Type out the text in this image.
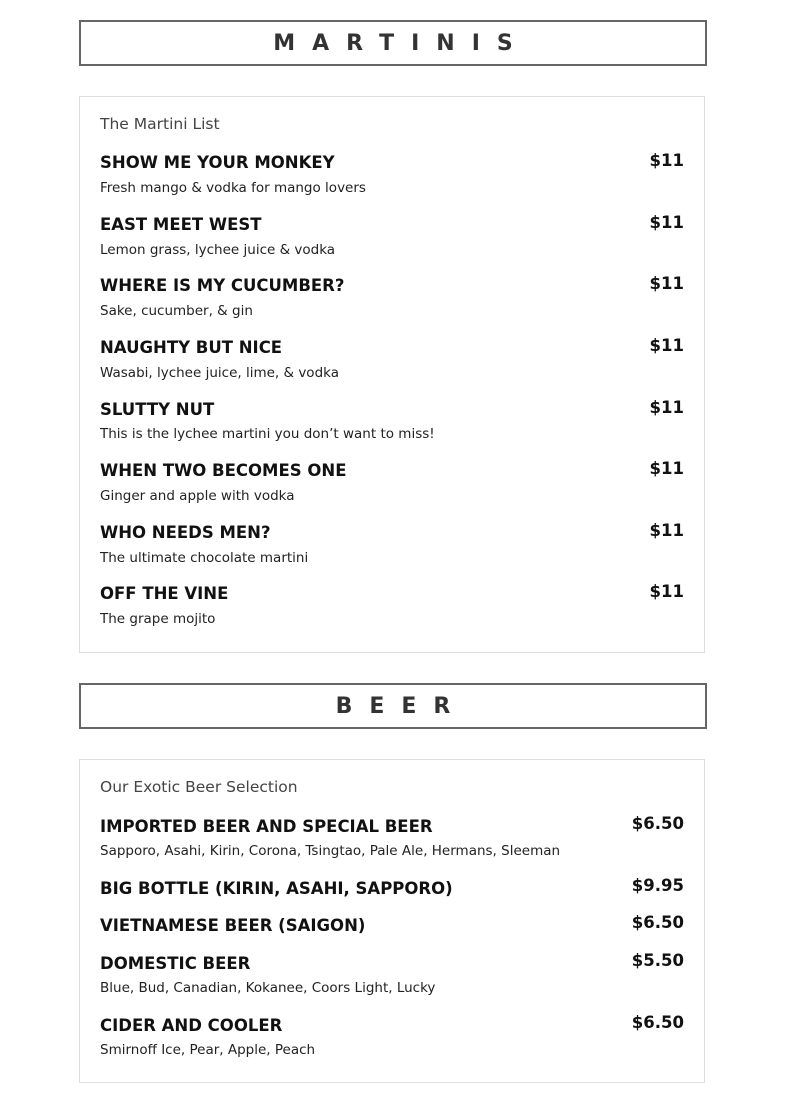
MARTINIS
The Martini List
SHOW ME YOUR MONKEY	$11
Fresh mango & vodka for mango lovers
EAST MEET WEST	$11
Lemon grass, lychee juice & vodka
WHERE IS MY CUCUMBER?	$11
Sake, cucumber, & gin
NAUGHTY BUT NICE	$11
Wasabi, lychee juice, lime, & vodka
SLUTTY NUT	$11
This is the lychee martini you don’t want to miss!
WHEN TWO BECOMES ONE	$11
Ginger and apple with vodka
WHO NEEDS MEN?	$11
The ultimate chocolate martini
OFF THE VINE	$11
The grape mojito
BEER
Our Exotic Beer Selection
IMPORTED BEER AND SPECIAL BEER	$6.50
Sapporo, Asahi, Kirin, Corona, Tsingtao, Pale Ale, Hermans, Sleeman
BIG BOTTLE (KIRIN, ASAHI, SAPPORO)	$9.95
VIETNAMESE BEER (SAIGON)	$6.50
DOMESTIC BEER	$5.50
Blue, Bud, Canadian, Kokanee, Coors Light, Lucky
CIDER AND COOLER	$6.50
Smirnoff Ice, Pear, Apple, Peach
